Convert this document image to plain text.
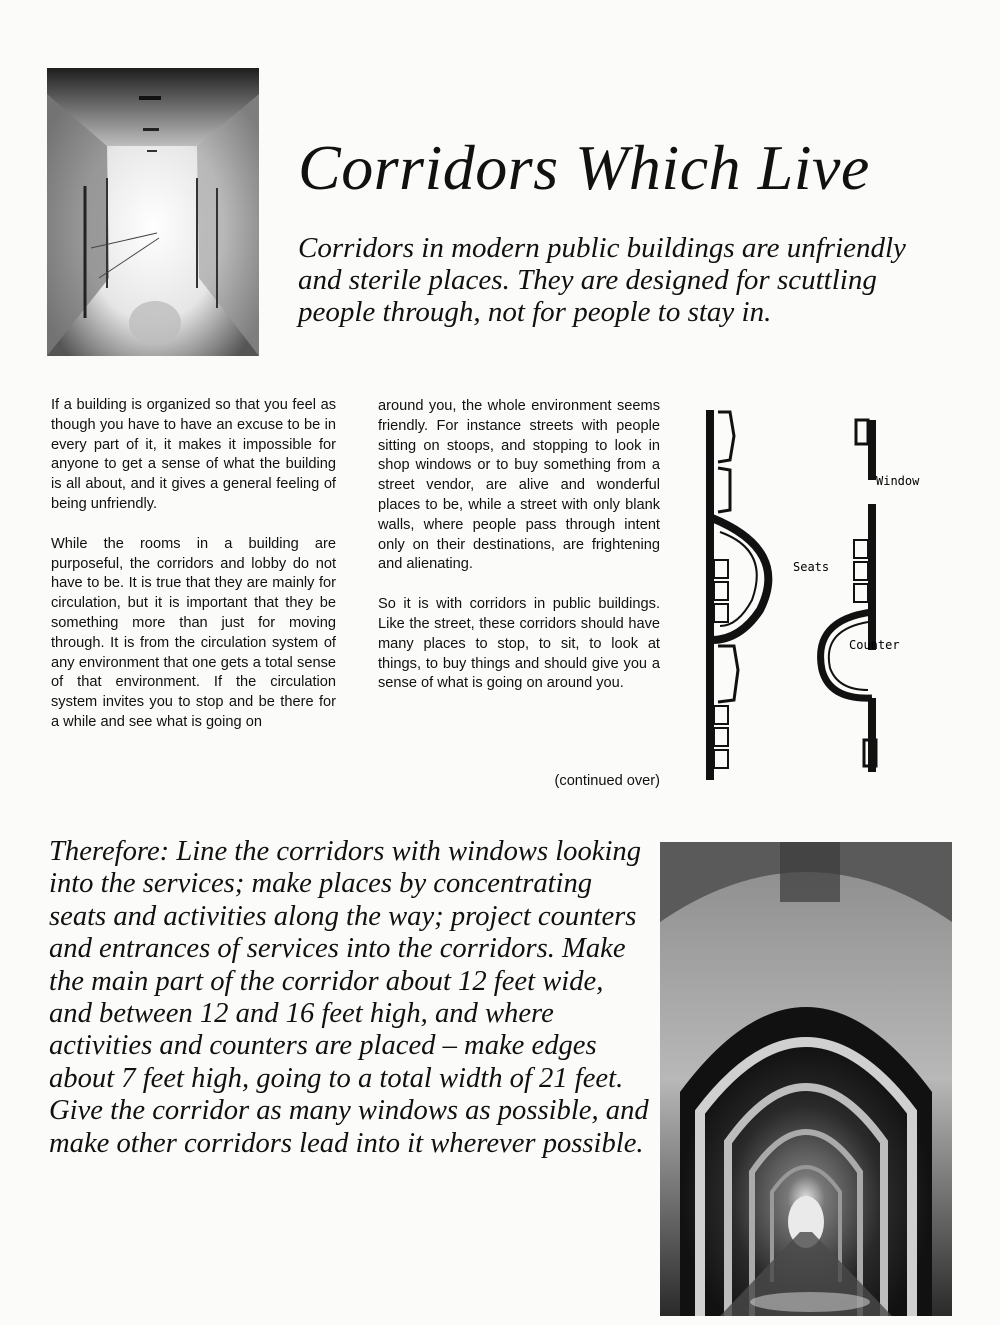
Corridors Which Live

Corridors in modern public buildings are unfriendly and sterile places. They are designed for scuttling people through, not for people to stay in.

If a building is organized so that you feel as though you have to have an excuse to be in every part of it, it makes it impossible for anyone to get a sense of what the building is all about, and it gives a general feeling of being unfriendly.

While the rooms in a building are purposeful, the corridors and lobby do not have to be. It is true that they are mainly for circulation, but it is important that they be something more than just for moving through. It is from the circulation system of any environment that one gets a total sense of that environment. If the circulation system invites you to stop and be there for a while and see what is going on

around you, the whole environment seems friendly. For instance streets with people sitting on stoops, and stopping to look in shop windows or to buy something from a street vendor, are alive and wonderful places to be, while a street with only blank walls, where people pass through intent only on their destinations, are frightening and alienating.

So it is with corridors in public buildings. Like the street, these corridors should have many places to stop, to sit, to look at things, to buy things and should give you a sense of what is going on around you.

(continued over)
Window
Seats
Counter

Therefore: Line the corridors with windows looking into the services; make places by concentrating seats and activities along the way; project counters and entrances of services into the corridors. Make the main part of the corridor about 12 feet wide, and between 12 and 16 feet high, and where activities and counters are placed – make edges about 7 feet high, going to a total width of 21 feet. Give the corridor as many windows as possible, and make other corridors lead into it wherever possible.
